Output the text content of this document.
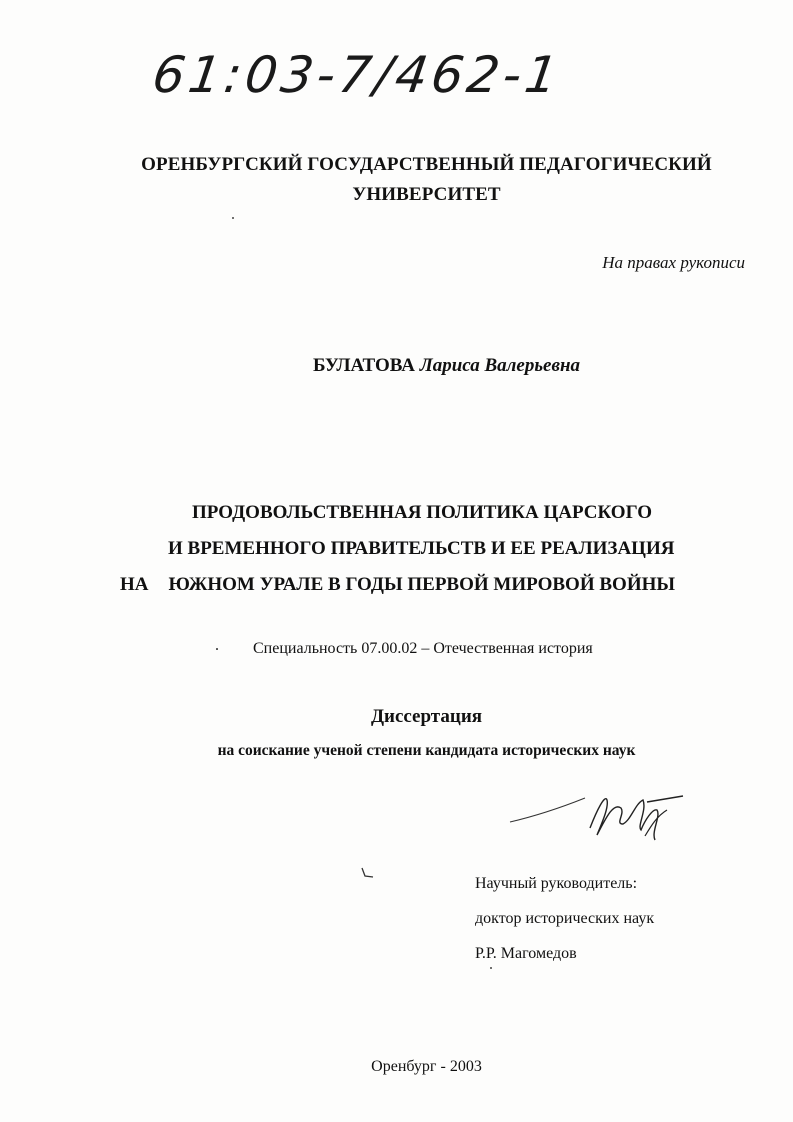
61:03-7/462-1
ОРЕНБУРГСКИЙ ГОСУДАРСТВЕННЫЙ ПЕДАГОГИЧЕСКИЙ
УНИВЕРСИТЕТ
На правах рукописи
БУЛАТОВА Лариса Валерьевна
ПРОДОВОЛЬСТВЕННАЯ ПОЛИТИКА ЦАРСКОГО
И ВРЕМЕННОГО ПРАВИТЕЛЬСТВ И ЕЕ РЕАЛИЗАЦИЯ
НА ЮЖНОМ УРАЛЕ В ГОДЫ ПЕРВОЙ МИРОВОЙ ВОЙНЫ
Специальность 07.00.02 – Отечественная история
Диссертация
на соискание ученой степени кандидата исторических наук
Научный руководитель:
доктор исторических наук
Р.Р. Магомедов
Оренбург - 2003
